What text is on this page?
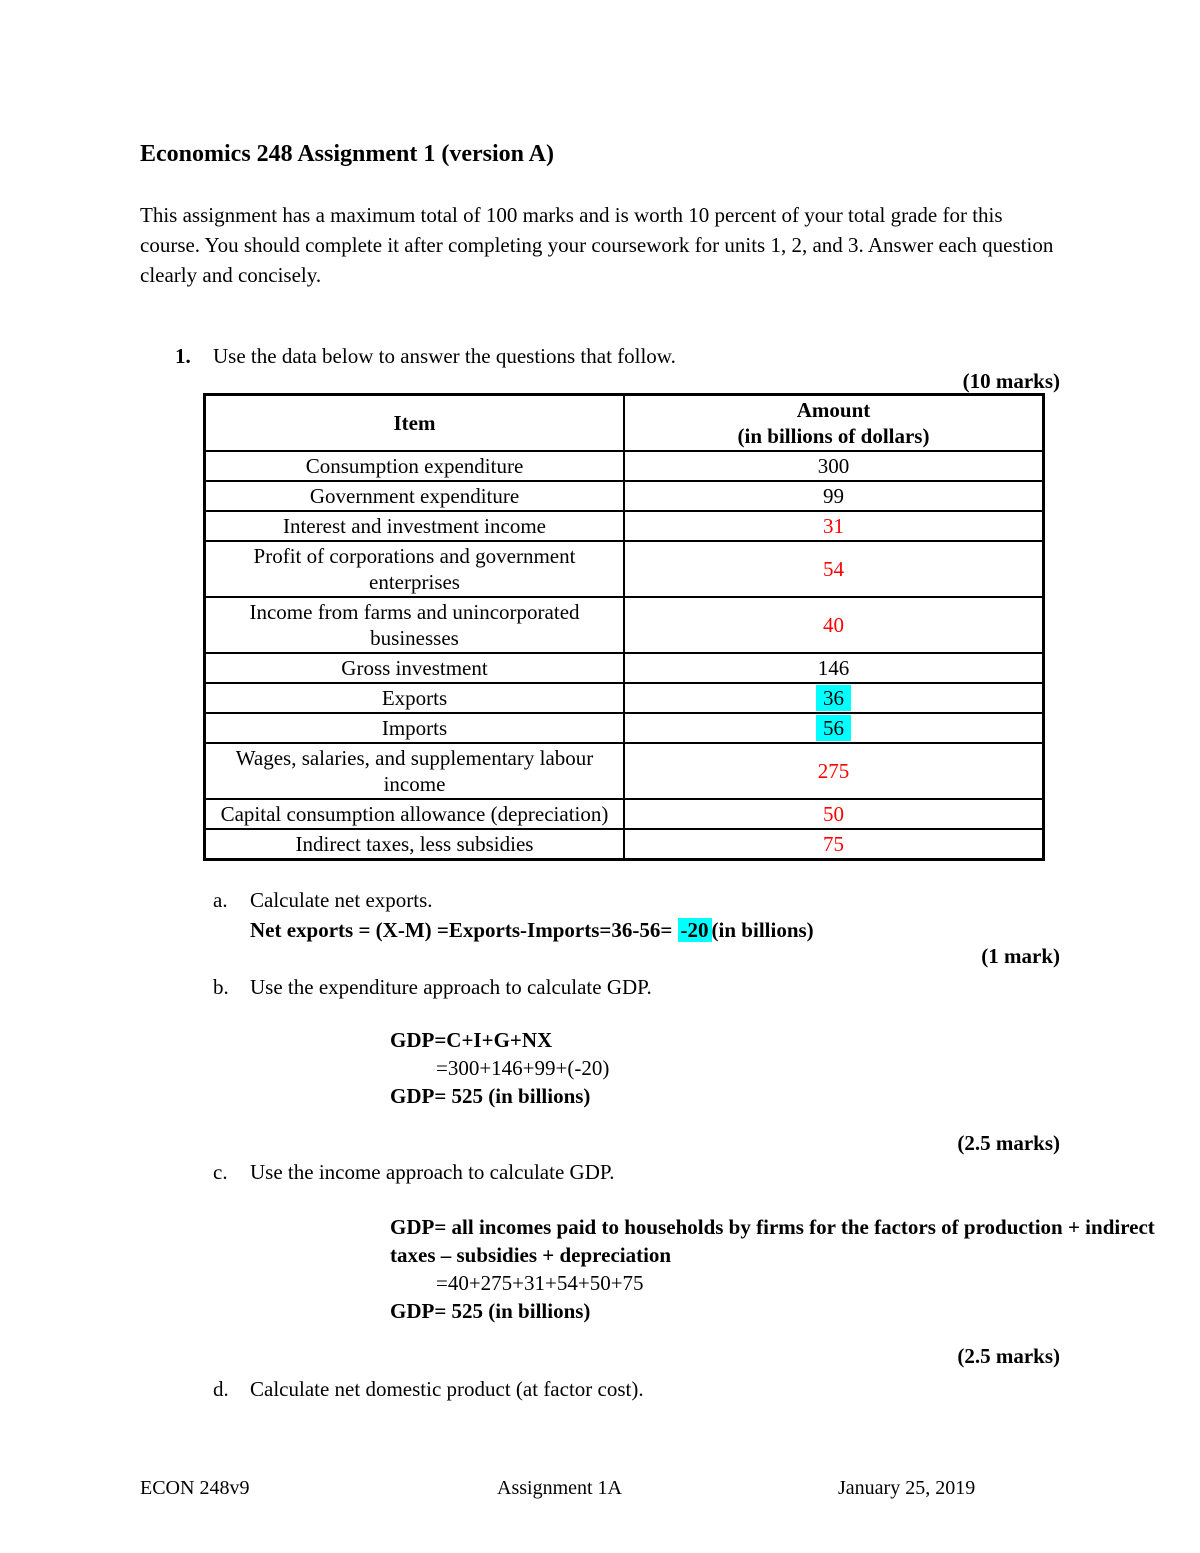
Economics 248 Assignment 1 (version A)

This assignment has a maximum total of 100 marks and is worth 10 percent of your total grade for this course. You should complete it after completing your coursework for units 1, 2, and 3. Answer each question clearly and concisely.

1.	Use the data below to answer the questions that follow.
(10 marks)
Item	Amount
(in billions of dollars)

Consumption expenditure	300
Government expenditure	99
Interest and investment income	31
Profit of corporations and government enterprises	54
Income from farms and unincorporated businesses	40
Gross investment	146
Exports	36
Imports	56
Wages, salaries, and supplementary labour income	275
Capital consumption allowance (depreciation)	50
Indirect taxes, less subsidies	75
a.	Calculate net exports.
Net exports = (X-M) =Exports-Imports=36-56= -20 (in billions)
(1 mark)
b.	Use the expenditure approach to calculate GDP.
GDP=C+I+G+NX
=300+146+99+(-20)
GDP= 525 (in billions)
(2.5 marks)
c.	Use the income approach to calculate GDP.
GDP= all incomes paid to households by firms for the factors of production + indirect taxes – subsidies + depreciation
=40+275+31+54+50+75
GDP= 525 (in billions)
(2.5 marks)
d.	Calculate net domestic product (at factor cost).
ECON 248v9	Assignment 1A	January 25, 2019
